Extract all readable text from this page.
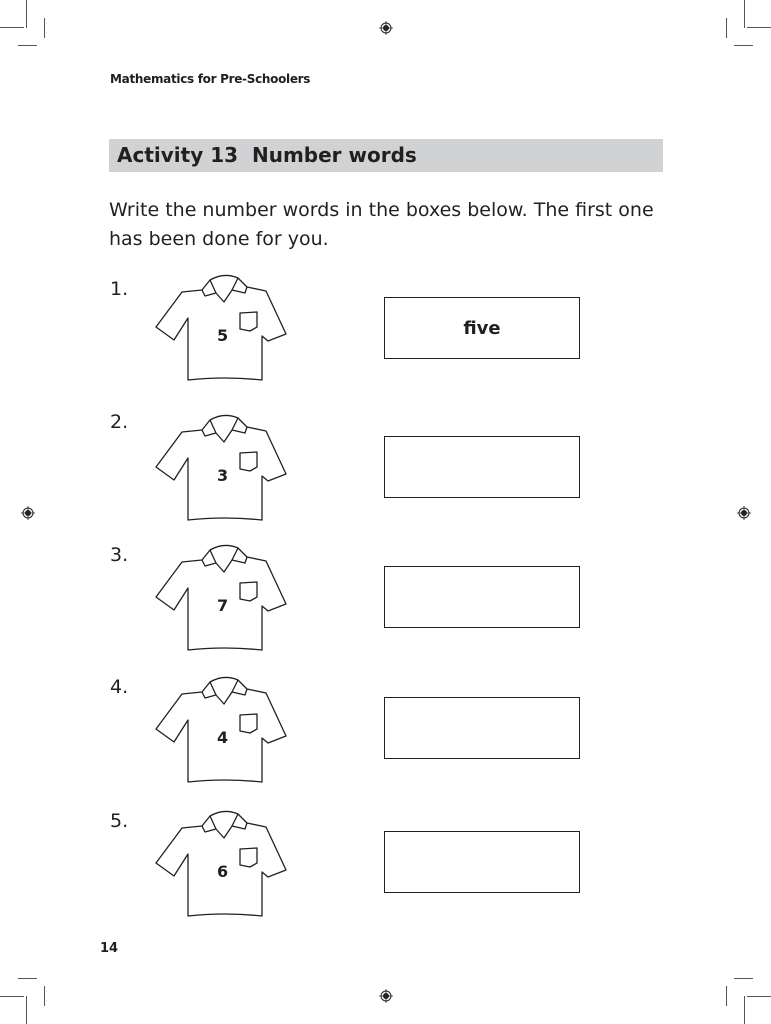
Mathematics for Pre-Schoolers
Activity 13  Number words
Write the number words in the boxes below. The first one has been done for you.
1.
5	five
2.
3
3.
7
4.
4
5.
6
14
